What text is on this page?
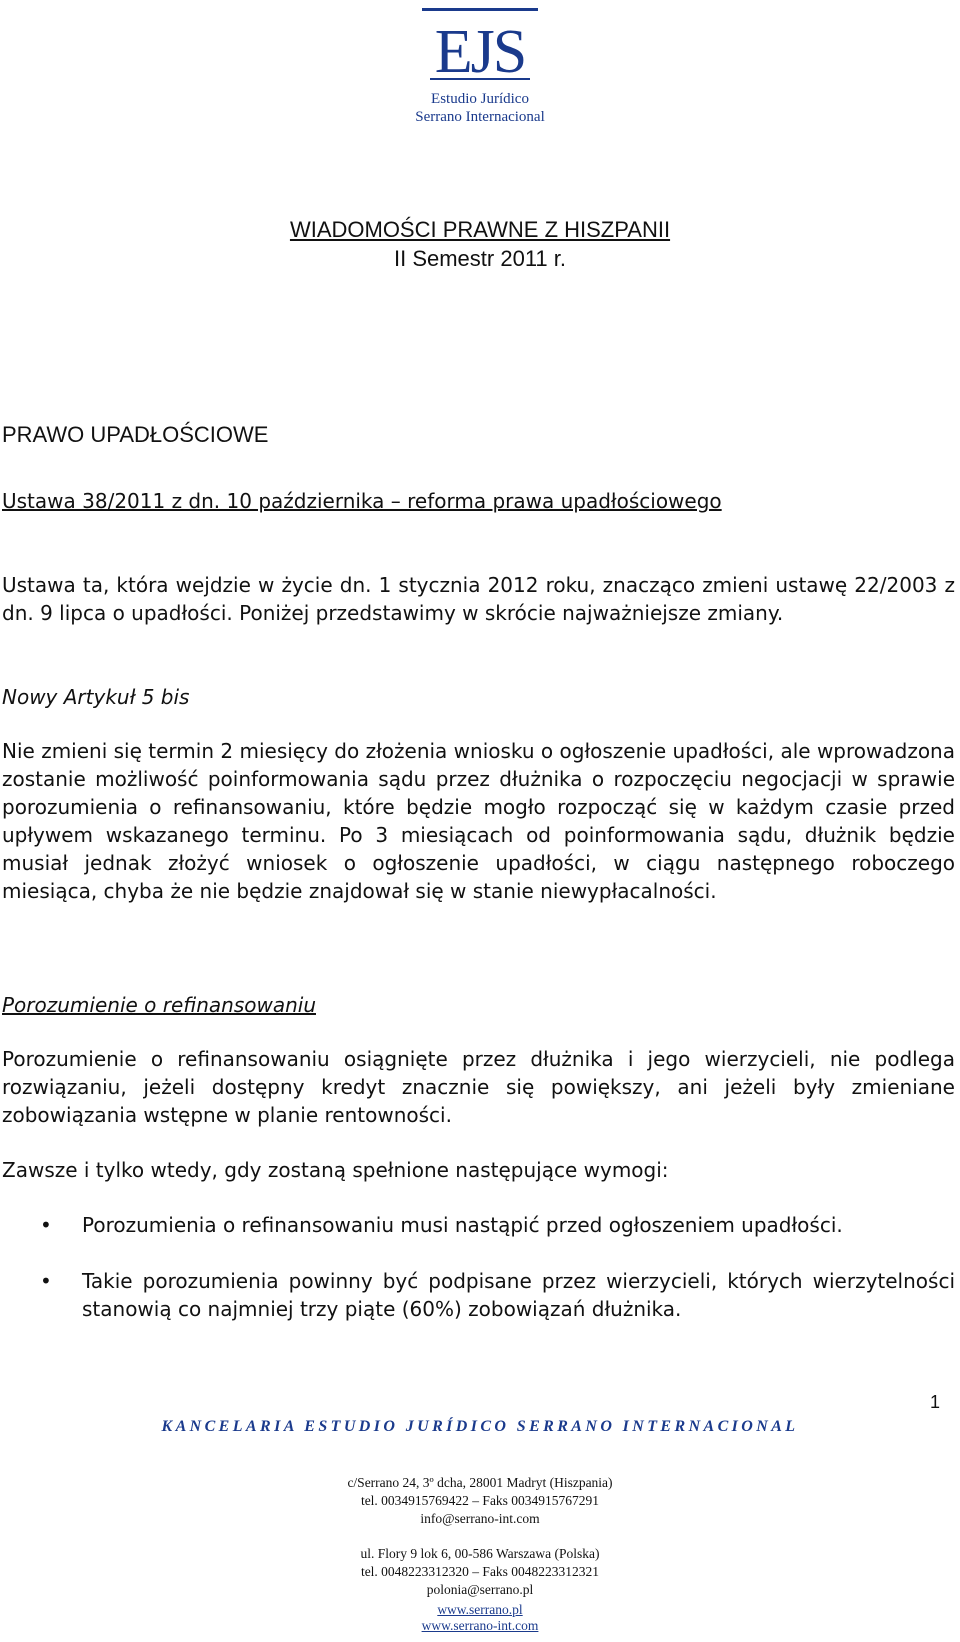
EJS
Estudio Jurídico
Serrano Internacional
WIADOMOŚCI PRAWNE Z HISZPANII
II Semestr 2011 r.
PRAWO UPADŁOŚCIOWE
Ustawa 38/2011 z dn. 10 października – reforma prawa upadłościowego

Ustawa ta, która wejdzie w życie dn. 1 stycznia 2012 roku, znacząco zmieni ustawę 22/2003 z dn. 9 lipca o upadłości. Poniżej przedstawimy w skrócie najważniejsze zmiany.

Nowy Artykuł 5 bis

Nie zmieni się termin 2 miesięcy do złożenia wniosku o ogłoszenie upadłości, ale wprowadzona zostanie możliwość poinformowania sądu przez dłużnika o rozpoczęciu negocjacji w sprawie porozumienia o refinansowaniu, które będzie mogło rozpocząć się w każdym czasie przed upływem wskazanego terminu. Po 3 miesiącach od poinformowania sądu, dłużnik będzie musiał jednak złożyć wniosek o ogłoszenie upadłości, w ciągu następnego roboczego miesiąca, chyba że nie będzie znajdował się w stanie niewypłacalności.

Porozumienie o refinansowaniu

Porozumienie o refinansowaniu osiągnięte przez dłużnika i jego wierzycieli, nie podlega rozwiązaniu, jeżeli dostępny kredyt znacznie się powiększy, ani jeżeli były zmieniane zobowiązania wstępne w planie rentowności.

Zawsze i tylko wtedy, gdy zostaną spełnione następujące wymogi:

•	Porozumienia o refinansowaniu musi nastąpić przed ogłoszeniem upadłości.
•	Takie porozumienia powinny być podpisane przez wierzycieli, których wierzytelności stanowią co najmniej trzy piąte (60%) zobowiązań dłużnika.
1
KANCELARIA ESTUDIO JURÍDICO SERRANO INTERNACIONAL
c/Serrano 24, 3º dcha, 28001 Madryt (Hiszpania)
tel. 0034915769422 – Faks 0034915767291
info@serrano-int.com
ul. Flory 9 lok 6, 00-586 Warszawa (Polska)
tel. 0048223312320 – Faks 0048223312321
polonia@serrano.pl
www.serrano.pl
www.serrano-int.com
